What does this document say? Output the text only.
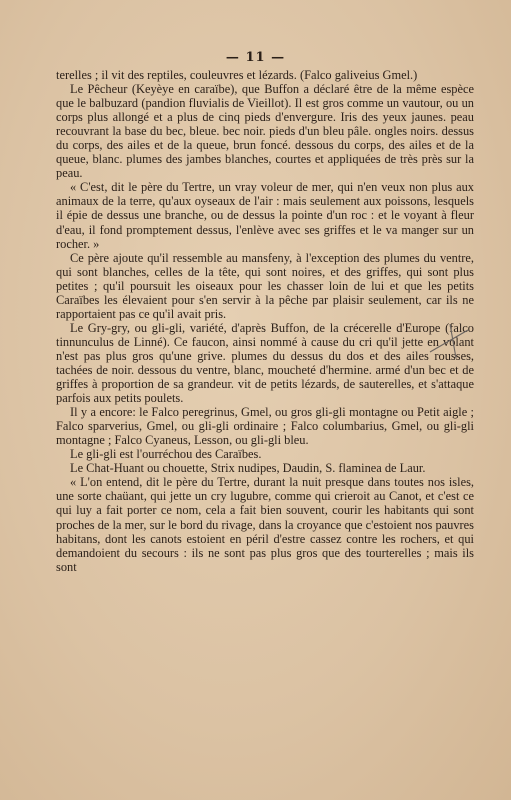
— 11 —

terelles ; il vit des reptiles, couleuvres et lézards. (Falco galiveius Gmel.)

Le Pêcheur (Keyèye en caraïbe), que Buffon a déclaré être de la même espèce que le balbuzard (pandion fluvialis de Vieillot). Il est gros comme un vautour, ou un corps plus allongé et a plus de cinq pieds d'envergure. Iris des yeux jaunes. peau recouvrant la base du bec, bleue. bec noir. pieds d'un bleu pâle. ongles noirs. dessus du corps, des ailes et de la queue, brun foncé. dessous du corps, des ailes et de la queue, blanc. plumes des jambes blanches, courtes et appliquées de très près sur la peau.

« C'est, dit le père du Tertre, un vray voleur de mer, qui n'en veux non plus aux animaux de la terre, qu'aux oyseaux de l'air : mais seulement aux poissons, lesquels il épie de dessus une branche, ou de dessus la pointe d'un roc : et le voyant à fleur d'eau, il fond promptement dessus, l'enlève avec ses griffes et le va manger sur un rocher. »

Ce père ajoute qu'il ressemble au mansfeny, à l'exception des plumes du ventre, qui sont blanches, celles de la tête, qui sont noires, et des griffes, qui sont plus petites ; qu'il poursuit les oiseaux pour les chasser loin de lui et que les petits Caraïbes les élevaient pour s'en servir à la pêche par plaisir seulement, car ils ne rapportaient pas ce qu'il avait pris.

Le Gry-gry, ou gli-gli, variété, d'après Buffon, de la crécerelle d'Europe (falco tinnunculus de Linné). Ce faucon, ainsi nommé à cause du cri qu'il jette en volant n'est pas plus gros qu'une grive. plumes du dessus du dos et des ailes rousses, tachées de noir. dessous du ventre, blanc, moucheté d'hermine. armé d'un bec et de griffes à proportion de sa grandeur. vit de petits lézards, de sauterelles, et s'attaque parfois aux petits poulets.

Il y a encore: le Falco peregrinus, Gmel, ou gros gli-gli montagne ou Petit aigle ; Falco sparverius, Gmel, ou gli-gli ordinaire ; Falco columbarius, Gmel, ou gli-gli montagne ; Falco Cyaneus, Lesson, ou gli-gli bleu.

Le gli-gli est l'ourréchou des Caraïbes.

Le Chat-Huant ou chouette, Strix nudipes, Daudin, S. flaminea de Laur.

« L'on entend, dit le père du Tertre, durant la nuit presque dans toutes nos isles, une sorte chaüant, qui jette un cry lugubre, comme qui crieroit au Canot, et c'est ce qui luy a fait porter ce nom, cela a fait bien souvent, courir les habitants qui sont proches de la mer, sur le bord du rivage, dans la croyance que c'estoient nos pauvres habitans, dont les canots estoient en péril d'estre cassez contre les rochers, et qui demandoient du secours : ils ne sont pas plus gros que des tourterelles ; mais ils sont
